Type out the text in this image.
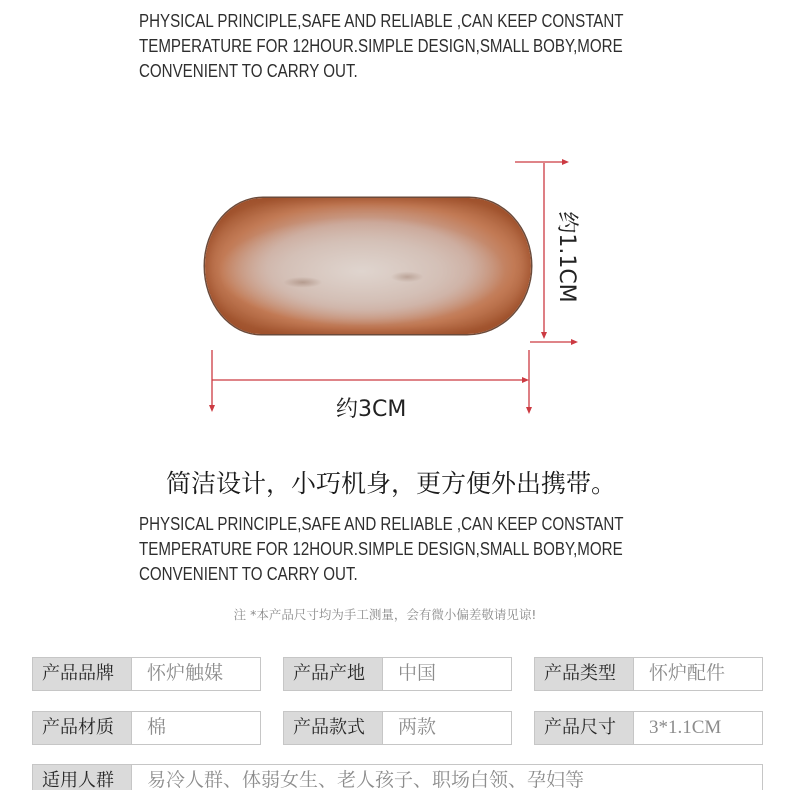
PHYSICAL PRINCIPLE,SAFE AND RELIABLE ,CAN KEEP CONSTANT
TEMPERATURE FOR 12HOUR.SIMPLE DESIGN,SMALL BOBY,MORE
CONVENIENT TO CARRY OUT.
约3CM
约1.1CM
简洁设计，小巧机身，更方便外出携带。
PHYSICAL PRINCIPLE,SAFE AND RELIABLE ,CAN KEEP CONSTANT
TEMPERATURE FOR 12HOUR.SIMPLE DESIGN,SMALL BOBY,MORE
CONVENIENT TO CARRY OUT.
注 *本产品尺寸均为手工测量，会有微小偏差敬请见谅!
产品品牌	怀炉触媒	产品产地	中国	产品类型	怀炉配件
产品材质	棉	产品款式	两款	产品尺寸	3*1.1CM
适用人群	易冷人群、体弱女生、老人孩子、职场白领、孕妇等
